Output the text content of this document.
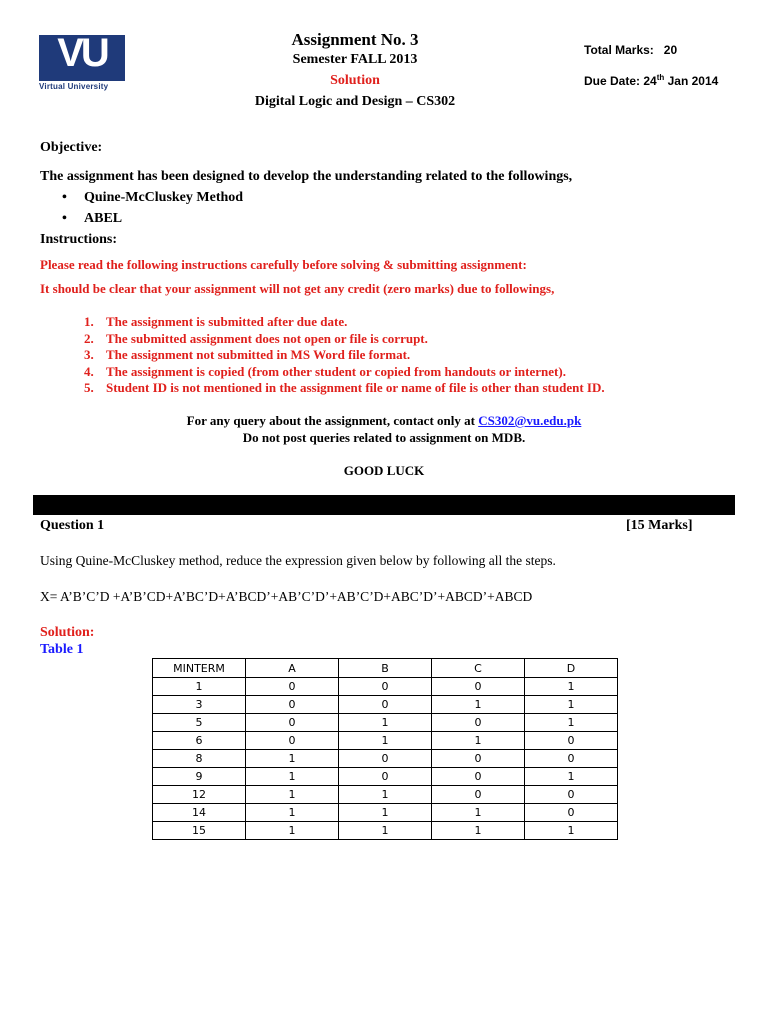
VU
Virtual University
Assignment No. 3
Semester FALL 2013
Solution
Digital Logic and Design – CS302
Total Marks:   20
Due Date: 24th Jan 2014
Objective:
The assignment has been designed to develop the understanding related to the followings,
• Quine-McCluskey Method
• ABEL
Instructions:
Please read the following instructions carefully before solving & submitting assignment:
It should be clear that your assignment will not get any credit (zero marks) due to followings,
1. The assignment is submitted after due date.
2. The submitted assignment does not open or file is corrupt.
3. The assignment not submitted in MS Word file format.
4. The assignment is copied (from other student or copied from handouts or internet).
5. Student ID is not mentioned in the assignment file or name of file is other than student ID.
For any query about the assignment, contact only at CS302@vu.edu.pk
Do not post queries related to assignment on MDB.
GOOD LUCK
Question 1	[15 Marks]
Using Quine-McCluskey method, reduce the expression given below by following all the steps.
X= A’B’C’D +A’B’CD+A’BC’D+A’BCD’+AB’C’D’+AB’C’D+ABC’D’+ABCD’+ABCD
Solution:
Table 1
MINTERM	A	B	C	D
1	0	0	0	1
3	0	0	1	1
5	0	1	0	1
6	0	1	1	0
8	1	0	0	0
9	1	0	0	1
12	1	1	0	0
14	1	1	1	0
15	1	1	1	1
